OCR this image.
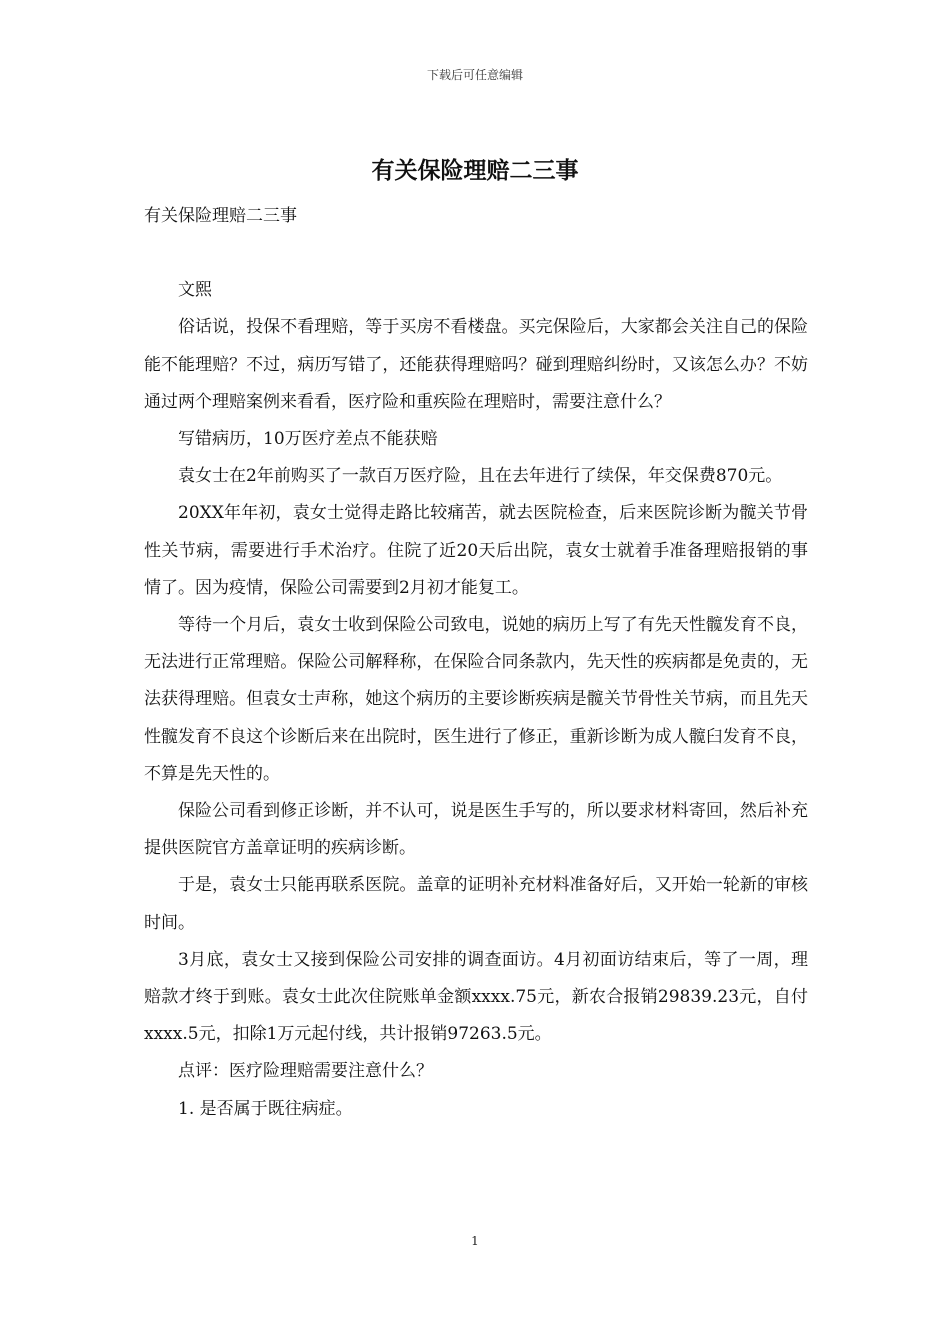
下载后可任意编辑
有关保险理赔二三事

有关保险理赔二三事

文熙

俗话说，投保不看理赔，等于买房不看楼盘。买完保险后，大家都会关注自己的保险能不能理赔？不过，病历写错了，还能获得理赔吗？碰到理赔纠纷时，又该怎么办？不妨通过两个理赔案例来看看，医疗险和重疾险在理赔时，需要注意什么？

写错病历，10万医疗差点不能获赔

袁女士在2年前购买了一款百万医疗险，且在去年进行了续保，年交保费870元。

20XX年年初，袁女士觉得走路比较痛苦，就去医院检查，后来医院诊断为髋关节骨性关节病，需要进行手术治疗。住院了近20天后出院，袁女士就着手准备理赔报销的事情了。因为疫情，保险公司需要到2月初才能复工。

等待一个月后，袁女士收到保险公司致电，说她的病历上写了有先天性髋发育不良，无法进行正常理赔。保险公司解释称，在保险合同条款内，先天性的疾病都是免责的，无法获得理赔。但袁女士声称，她这个病历的主要诊断疾病是髋关节骨性关节病，而且先天性髋发育不良这个诊断后来在出院时，医生进行了修正，重新诊断为成人髋臼发育不良，不算是先天性的。

保险公司看到修正诊断，并不认可，说是医生手写的，所以要求材料寄回，然后补充提供医院官方盖章证明的疾病诊断。

于是，袁女士只能再联系医院。盖章的证明补充材料准备好后，又开始一轮新的审核时间。

3月底，袁女士又接到保险公司安排的调查面访。4月初面访结束后，等了一周，理赔款才终于到账。袁女士此次住院账单金额xxxx.75元，新农合报销29839.23元，自付xxxx.5元，扣除1万元起付线，共计报销97263.5元。

点评：医疗险理赔需要注意什么？

1. 是否属于既往病症。

1
